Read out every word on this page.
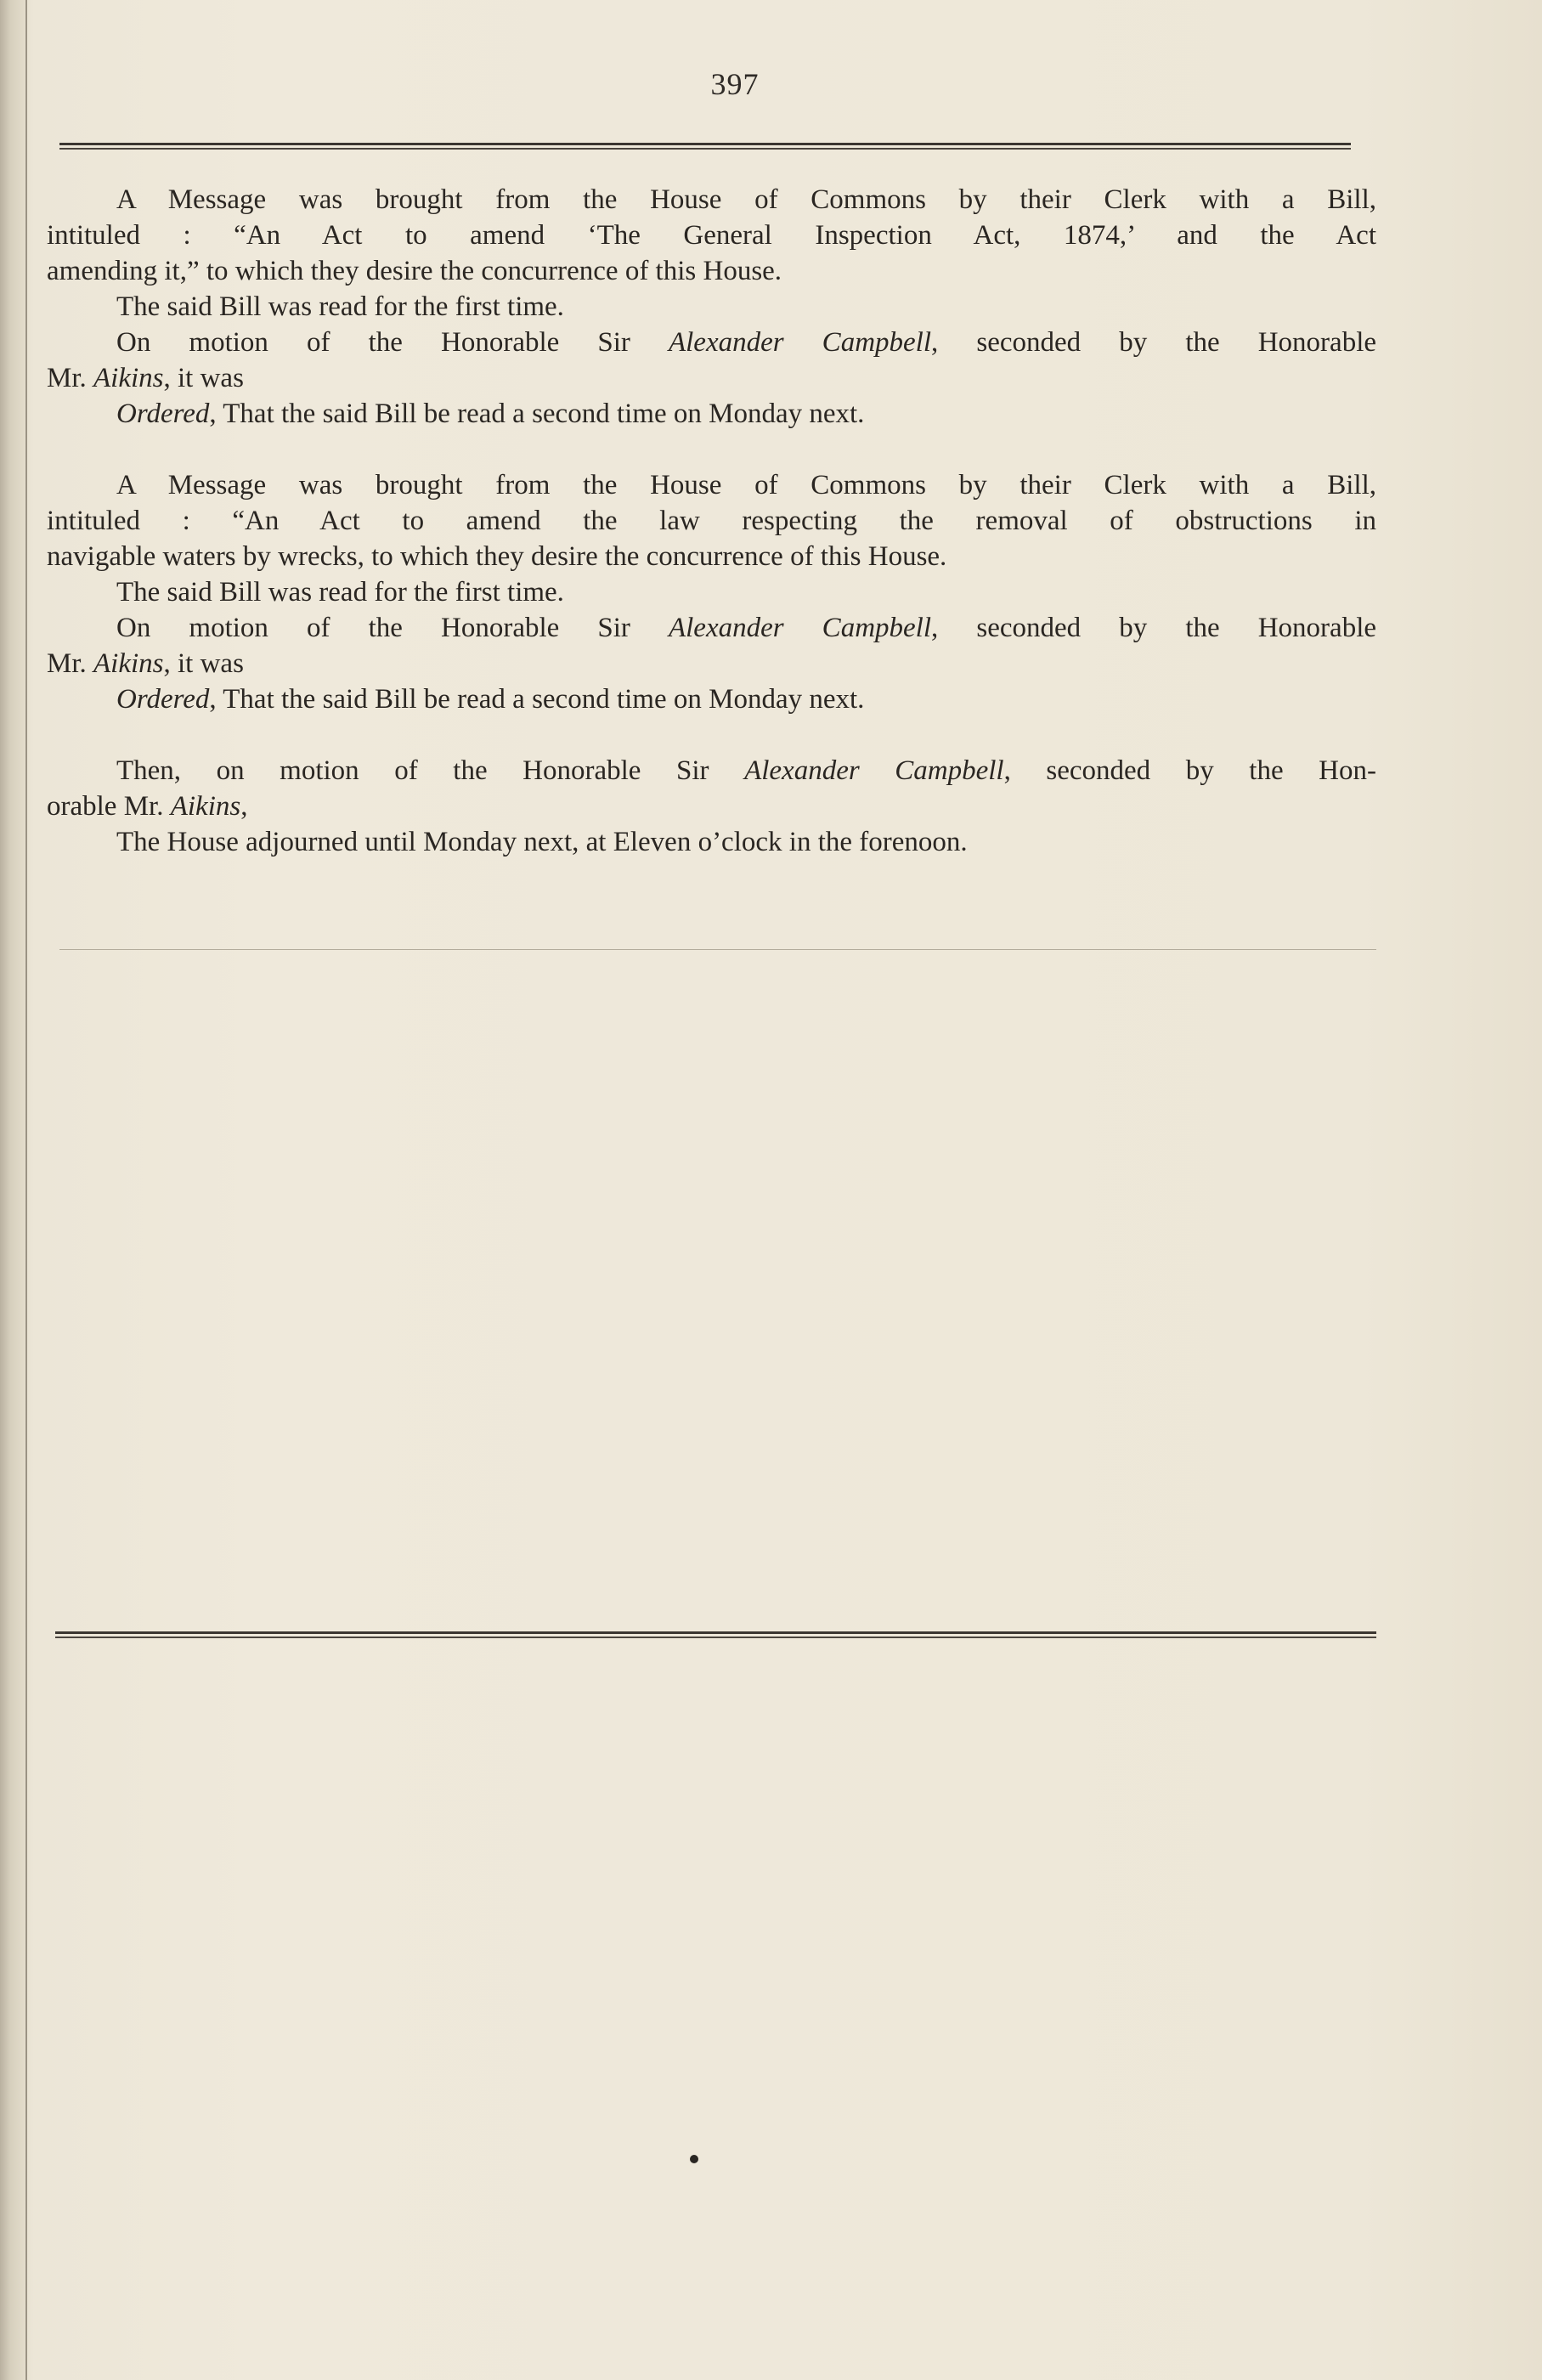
397
A Message was brought from the House of Commons by their Clerk with a Bill,
intituled : “An Act to amend ‘The General Inspection Act, 1874,’ and the Act
amending it,” to which they desire the concurrence of this House.
The said Bill was read for the first time.
On motion of the Honorable Sir Alexander Campbell, seconded by the Honorable
Mr. Aikins, it was
Ordered, That the said Bill be read a second time on Monday next.
A Message was brought from the House of Commons by their Clerk with a Bill,
intituled : “An Act to amend the law respecting the removal of obstructions in
navigable waters by wrecks, to which they desire the concurrence of this House.
The said Bill was read for the first time.
On motion of the Honorable Sir Alexander Campbell, seconded by the Honorable
Mr. Aikins, it was
Ordered, That the said Bill be read a second time on Monday next.
Then, on motion of the Honorable Sir Alexander Campbell, seconded by the Hon-
orable Mr. Aikins,
The House adjourned until Monday next, at Eleven o’clock in the forenoon.
